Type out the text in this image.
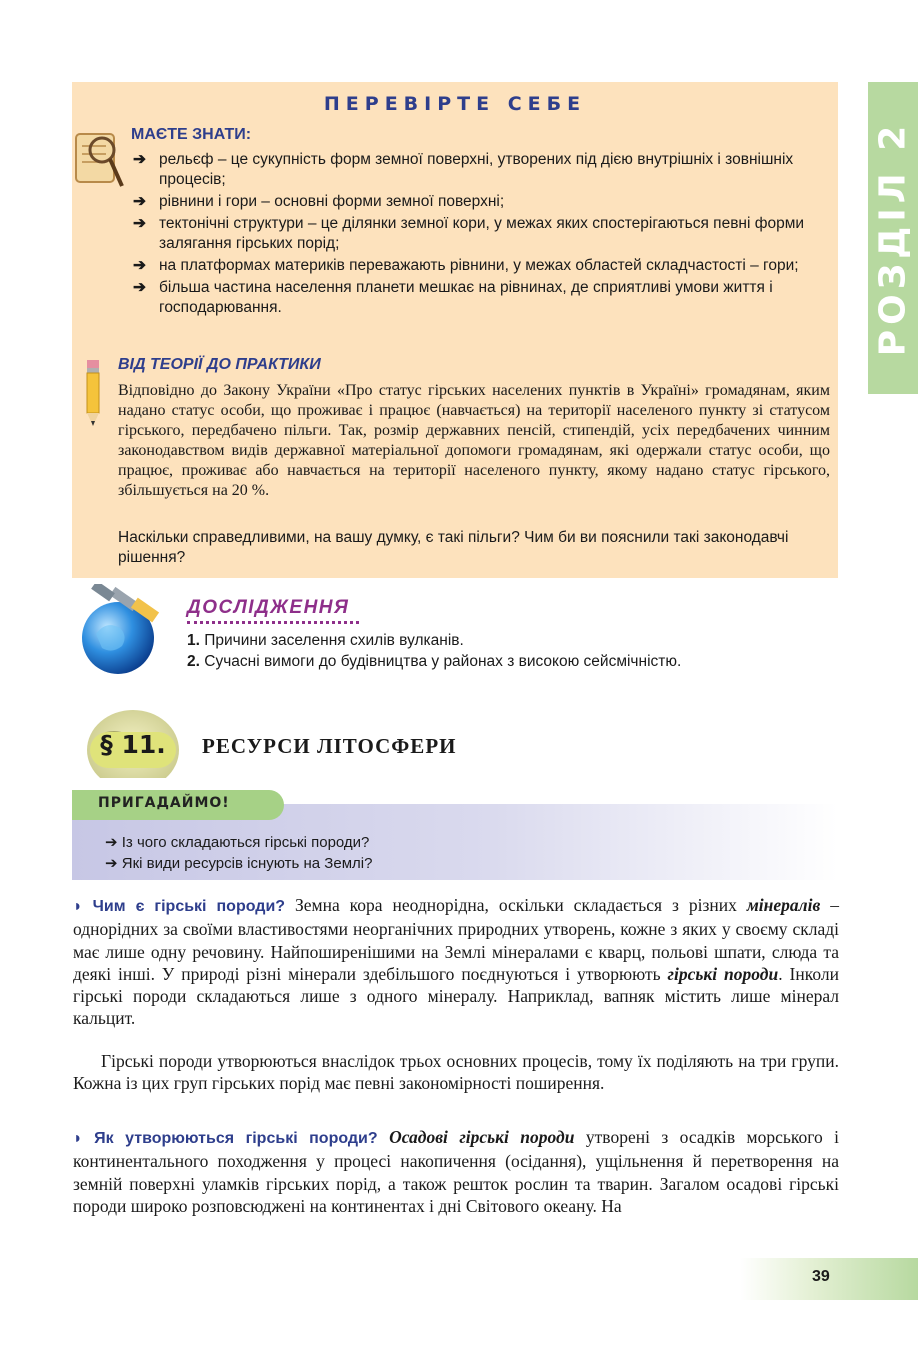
РОЗДІЛ 2
ПЕРЕВІРТЕ СЕБЕ
МАЄТЕ ЗНАТИ:
➔ рельєф – це сукупність форм земної поверхні, утворених під дією внутрішніх і зовнішніх процесів;
➔ рівнини і гори – основні форми земної поверхні;
➔ тектонічні структури – це ділянки земної кори, у межах яких спостерігаються певні форми залягання гірських порід;
➔ на платформах материків переважають рівнини, у межах областей складчастості – гори;
➔ більша частина населення планети мешкає на рівнинах, де сприятливі умови життя і господарювання.
ВІД ТЕОРІЇ ДО ПРАКТИКИ

Відповідно до Закону України «Про статус гірських населених пунктів в Україні» громадянам, яким надано статус особи, що проживає і працює (навчається) на території населеного пункту зі статусом гірського, передбачено пільги. Так, розмір державних пенсій, стипендій, усіх передбачених чинним законодавством видів державної матеріальної допомоги громадянам, які одержали статус особи, що працює, проживає або навчається на території населеного пункту, якому надано статус гірського, збільшується на 20 %.

Наскільки справедливими, на вашу думку, є такі пільги? Чим би ви пояснили такі законодавчі рішення?

ДОСЛІДЖЕННЯ
1. Причини заселення схилів вулканів.
2. Сучасні вимоги до будівництва у районах з високою сейсмічністю.
§ 11.	РЕСУРСИ ЛІТОСФЕРИ
ПРИГАДАЙМО!
➔ Із чого складаються гірські породи?
➔ Які види ресурсів існують на Землі?

◗ Чим є гірські породи? Земна кора неоднорідна, оскільки складається з різних мінералів – однорідних за своїми властивостями неорганічних природних утворень, кожне з яких у своєму складі має лише одну речовину. Найпоширенішими на Землі мінералами є кварц, польові шпати, слюда та деякі інші. У природі різні мінерали здебільшого поєднуються і утворюють гірські породи. Інколи гірські породи складаються лише з одного мінералу. Наприклад, вапняк містить лише мінерал кальцит.

Гірські породи утворюються внаслідок трьох основних процесів, тому їх поділяють на три групи. Кожна із цих груп гірських порід має певні закономірності поширення.

◗ Як утворюються гірські породи? Осадові гірські породи утворені з осадків морського і континентального походження у процесі накопичення (осідання), ущільнення й перетворення на земній поверхні уламків гірських порід, а також решток рослин та тварин. Загалом осадові гірські породи широко розповсюджені на континентах і дні Світового океану. На

39
